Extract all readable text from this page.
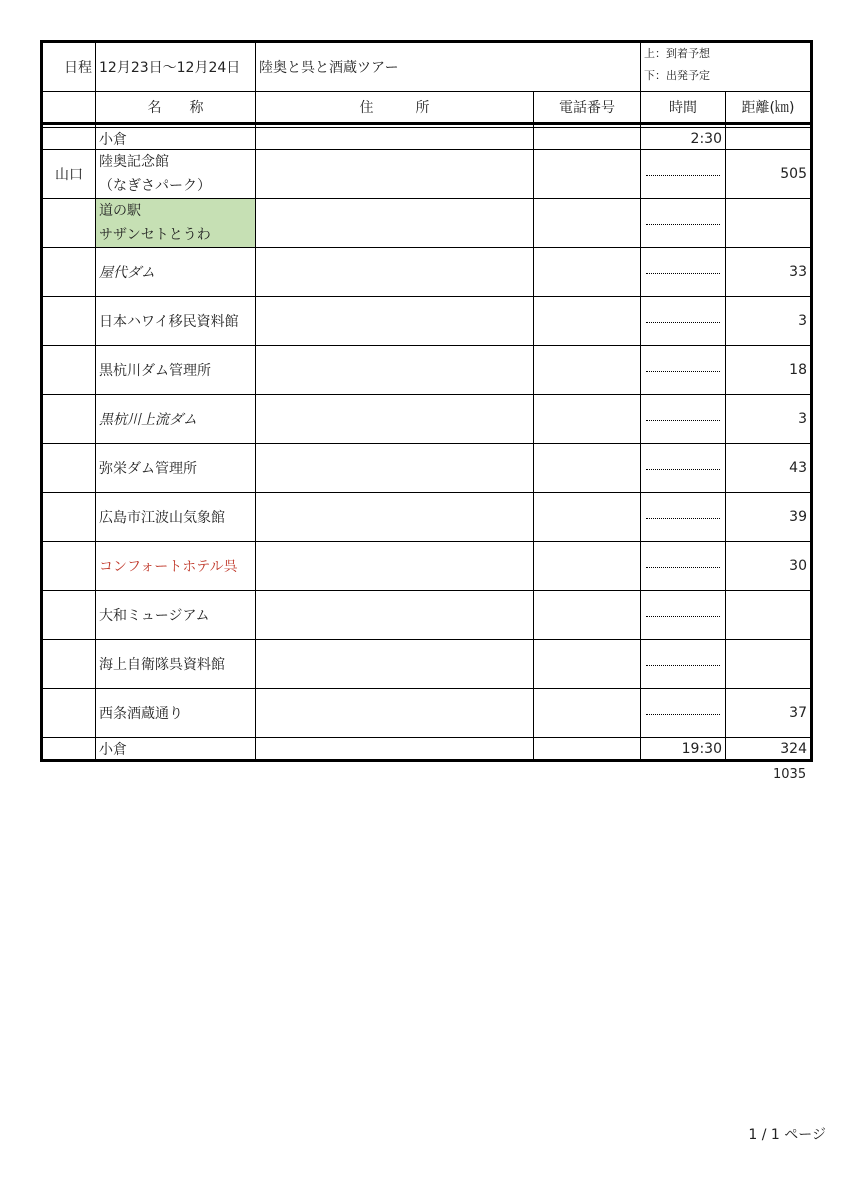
日程	12月23日～12月24日	陸奥と呉と酒蔵ツアー		上：到着予想
下：出発予定	

	名　　称	住　　　所	電話番号	時間	距離(㎞)

	小倉			2:30	
山口	陸奥記念館
（なぎさパーク）				505

	道の駅
サザンセトとうわ				

	屋代ダム				33
	日本ハワイ移民資料館				3
	黒杭川ダム管理所				18
	黒杭川上流ダム				3
	弥栄ダム管理所				43
	広島市江波山気象館				39
	コンフォートホテル呉				30
	大和ミュージアム			

	海上自衛隊呉資料館			

	西条酒蔵通り				37
	小倉			19:30	324
1035
1 / 1 ページ
